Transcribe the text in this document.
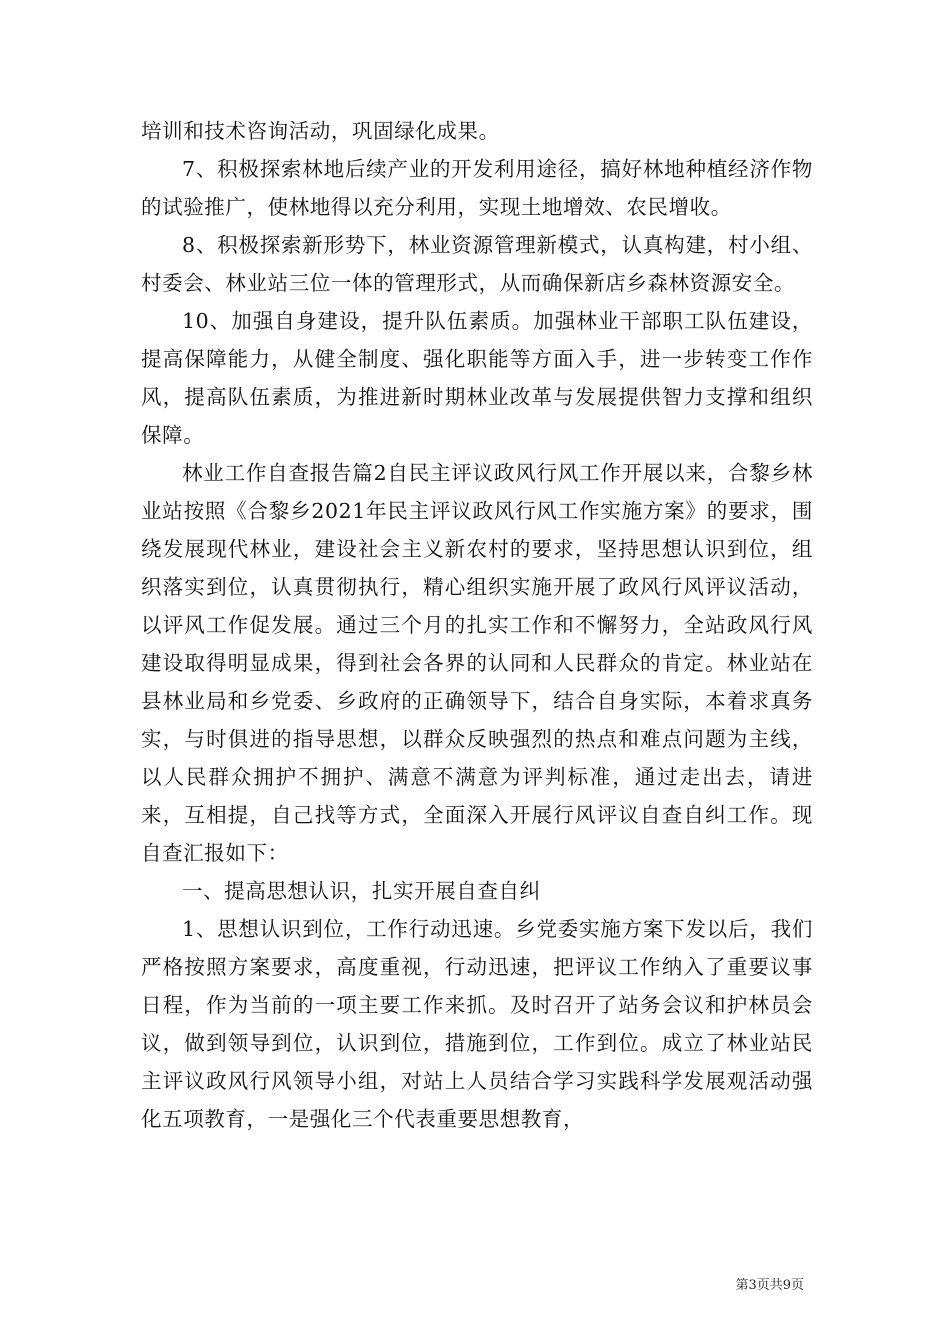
培训和技术咨询活动，巩固绿化成果。

7、积极探索林地后续产业的开发利用途径，搞好林地种植经济作物的试验推广，使林地得以充分利用，实现土地增效、农民增收。

8、积极探索新形势下，林业资源管理新模式，认真构建，村小组、村委会、林业站三位一体的管理形式，从而确保新店乡森林资源安全。

10、加强自身建设，提升队伍素质。加强林业干部职工队伍建设，提高保障能力，从健全制度、强化职能等方面入手，进一步转变工作作风，提高队伍素质，为推进新时期林业改革与发展提供智力支撑和组织保障。

林业工作自查报告篇2自民主评议政风行风工作开展以来，合黎乡林业站按照《合黎乡2021年民主评议政风行风工作实施方案》的要求，围绕发展现代林业，建设社会主义新农村的要求，坚持思想认识到位，组织落实到位，认真贯彻执行，精心组织实施开展了政风行风评议活动，以评风工作促发展。通过三个月的扎实工作和不懈努力，全站政风行风建设取得明显成果，得到社会各界的认同和人民群众的肯定。林业站在县林业局和乡党委、乡政府的正确领导下，结合自身实际，本着求真务实，与时俱进的指导思想，以群众反映强烈的热点和难点问题为主线，以人民群众拥护不拥护、满意不满意为评判标准，通过走出去，请进来，互相提，自己找等方式，全面深入开展行风评议自查自纠工作。现自查汇报如下：

一、提高思想认识，扎实开展自查自纠

1、思想认识到位，工作行动迅速。乡党委实施方案下发以后，我们严格按照方案要求，高度重视，行动迅速，把评议工作纳入了重要议事日程，作为当前的一项主要工作来抓。及时召开了站务会议和护林员会议，做到领导到位，认识到位，措施到位，工作到位。成立了林业站民主评议政风行风领导小组，对站上人员结合学习实践科学发展观活动强化五项教育，一是强化三个代表重要思想教育，

第3页共9页
